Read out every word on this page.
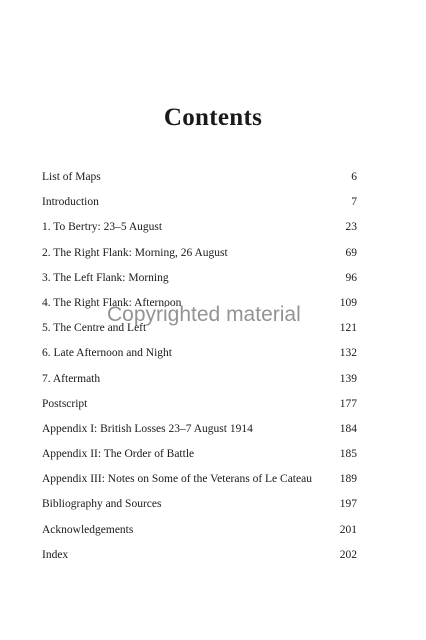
Contents
List of Maps	6
Introduction	7
1. To Bertry: 23–5 August	23
2. The Right Flank: Morning, 26 August	69
3. The Left Flank: Morning	96
4. The Right Flank: Afternoon	109
5. The Centre and Left	121
6. Late Afternoon and Night	132
7. Aftermath	139
Postscript	177
Appendix I: British Losses 23–7 August 1914	184
Appendix II: The Order of Battle	185
Appendix III: Notes on Some of the Veterans of Le Cateau	189
Bibliography and Sources	197
Acknowledgements	201
Index	202
Copyrighted material
